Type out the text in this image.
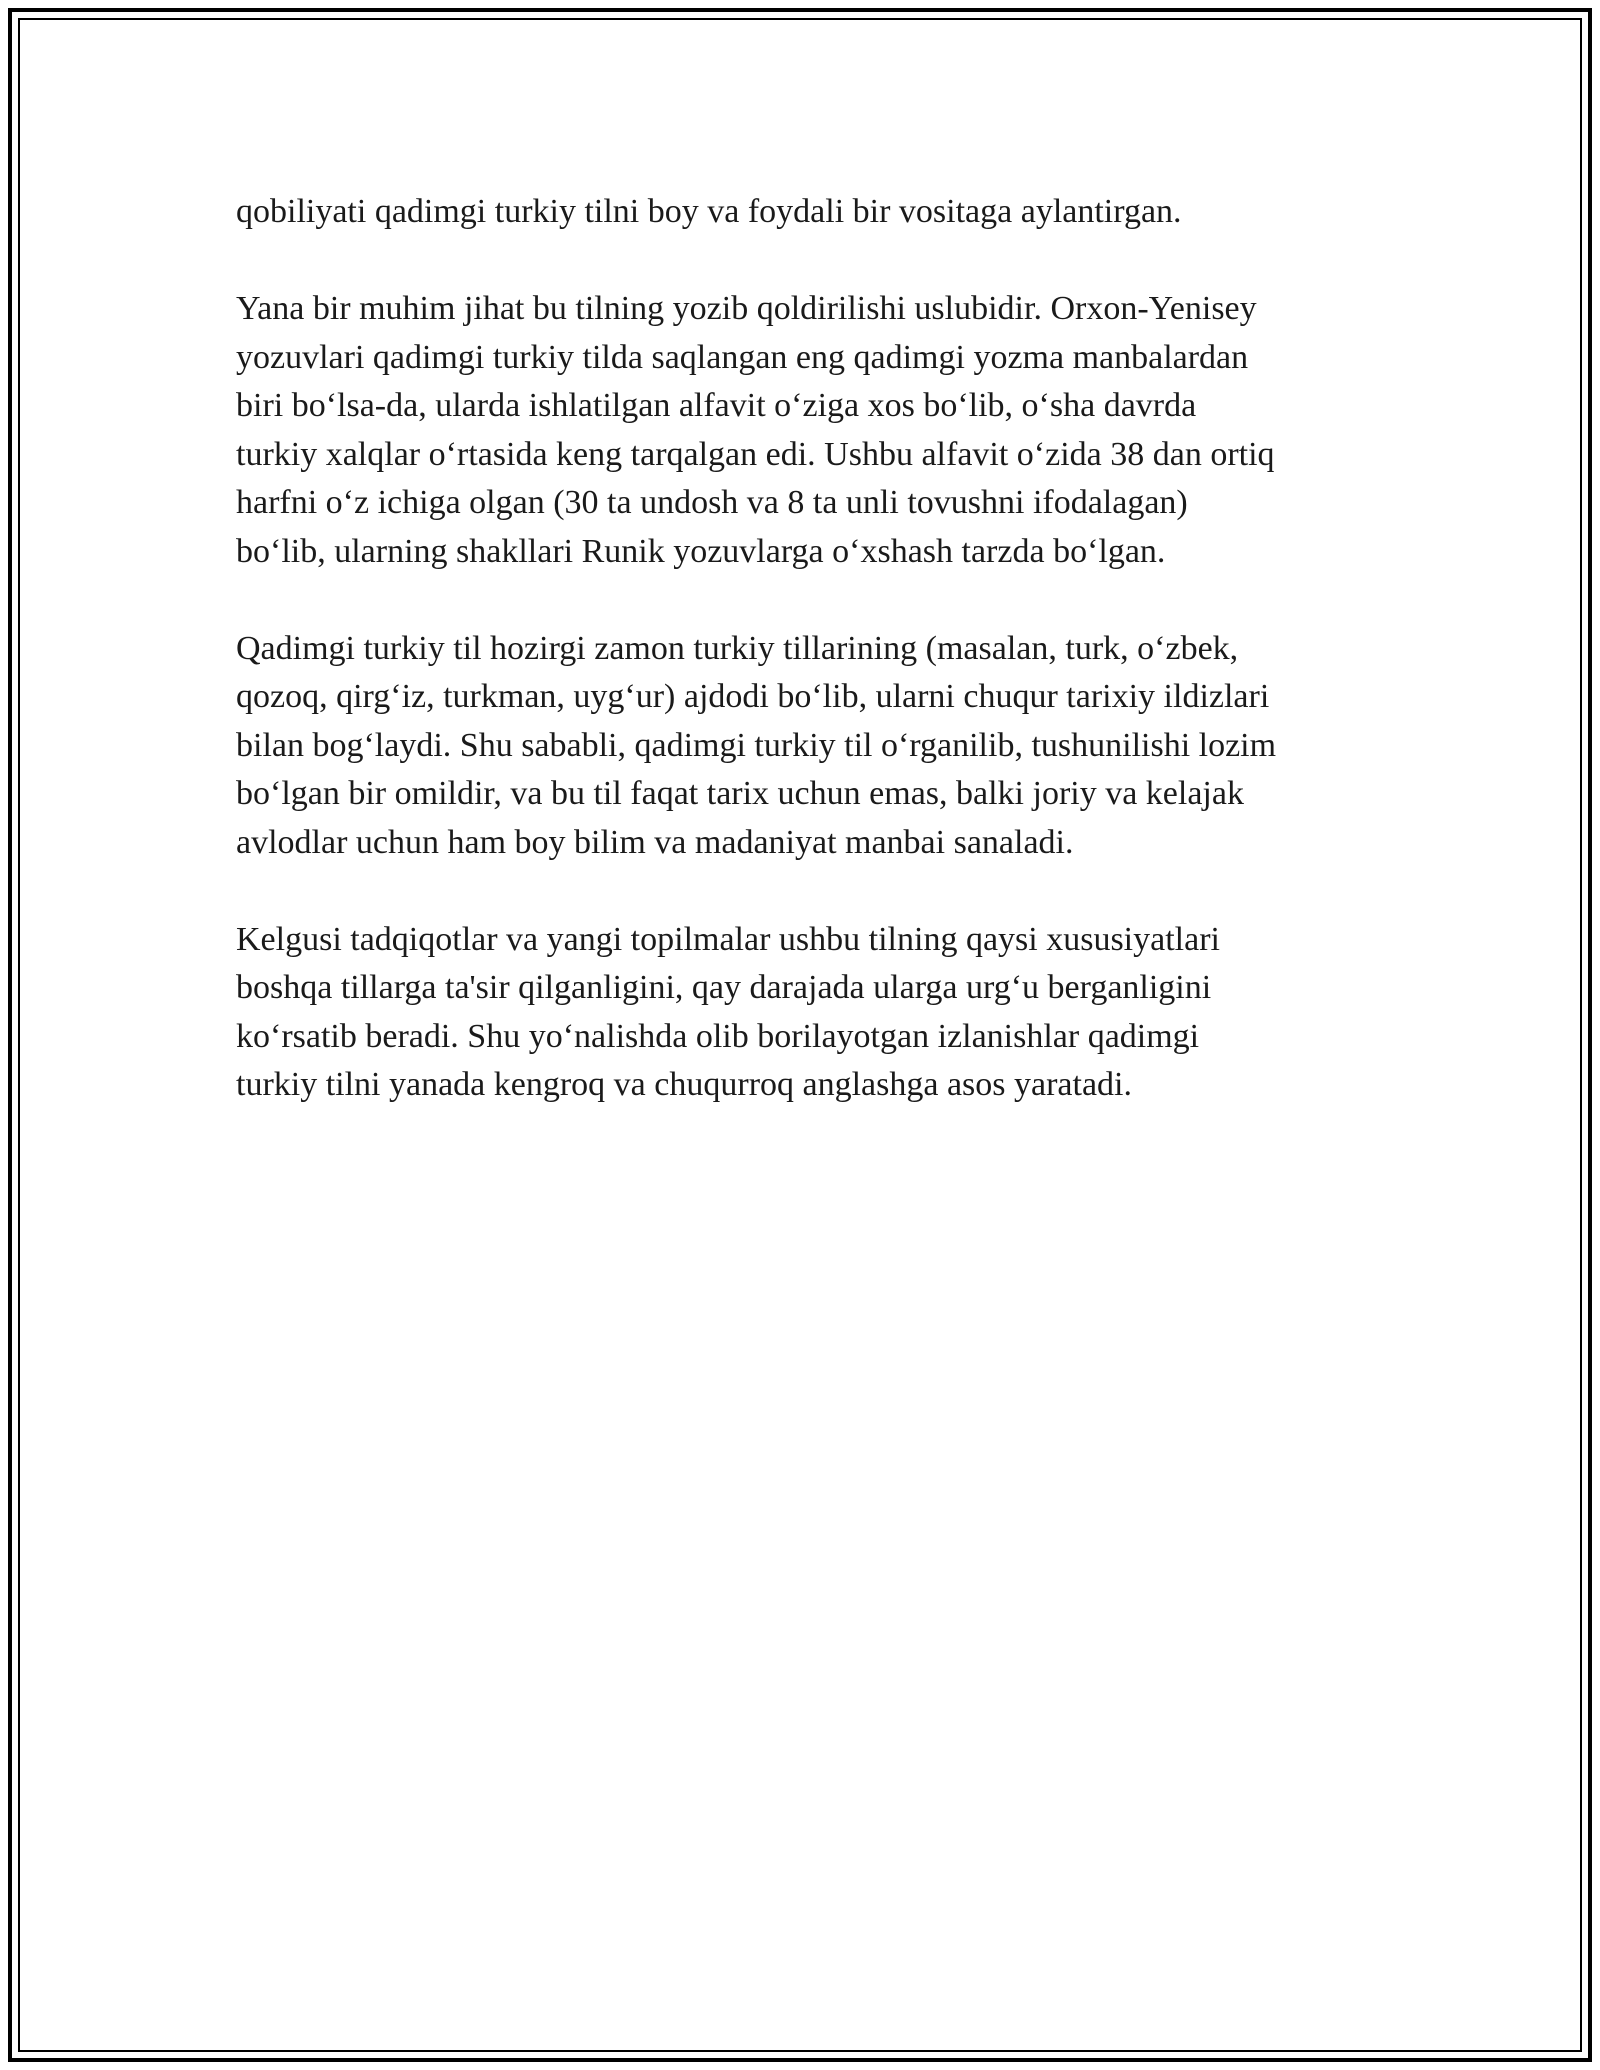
qobiliyati qadimgi turkiy tilni boy va foydali bir vositaga aylantirgan.

Yana bir muhim jihat bu tilning yozib qoldirilishi uslubidir. Orxon-Yenisey
yozuvlari qadimgi turkiy tilda saqlangan eng qadimgi yozma manbalardan
biri boʻlsa-da, ularda ishlatilgan alfavit oʻziga xos boʻlib, oʻsha davrda
turkiy xalqlar oʻrtasida keng tarqalgan edi. Ushbu alfavit oʻzida 38 dan ortiq
harfni oʻz ichiga olgan (30 ta undosh va 8 ta unli tovushni ifodalagan)
boʻlib, ularning shakllari Runik yozuvlarga oʻxshash tarzda boʻlgan.

Qadimgi turkiy til hozirgi zamon turkiy tillarining (masalan, turk, oʻzbek,
qozoq, qirgʻiz, turkman, uygʻur) ajdodi boʻlib, ularni chuqur tarixiy ildizlari
bilan bogʻlaydi. Shu sababli, qadimgi turkiy til oʻrganilib, tushunilishi lozim
boʻlgan bir omildir, va bu til faqat tarix uchun emas, balki joriy va kelajak
avlodlar uchun ham boy bilim va madaniyat manbai sanaladi.

Kelgusi tadqiqotlar va yangi topilmalar ushbu tilning qaysi xususiyatlari
boshqa tillarga ta'sir qilganligini, qay darajada ularga urgʻu berganligini
koʻrsatib beradi. Shu yoʻnalishda olib borilayotgan izlanishlar qadimgi
turkiy tilni yanada kengroq va chuqurroq anglashga asos yaratadi.
